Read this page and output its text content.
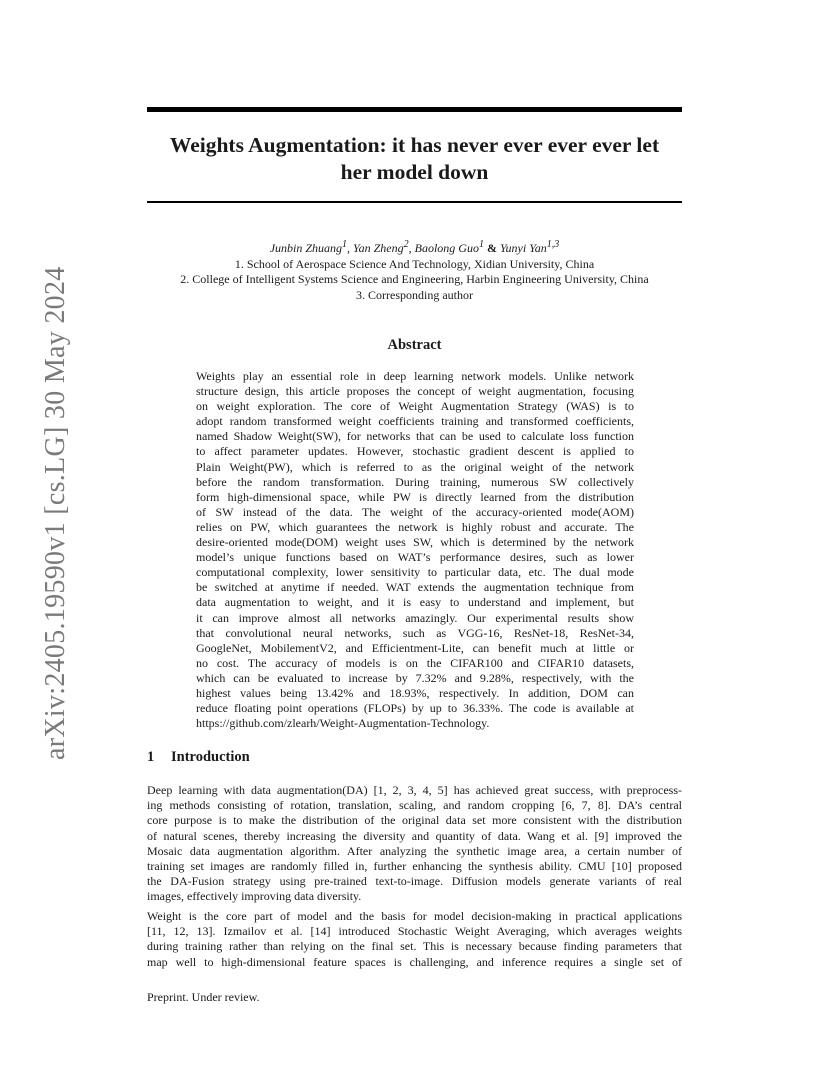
arXiv:2405.19590v1 [cs.LG] 30 May 2024
Weights Augmentation: it has never ever ever ever let
her model down
Junbin Zhuang$^1$, Yan Zheng$^2$, Baolong Guo$^1$ & Yunyi Yan$^{1,3}$
1. School of Aerospace Science And Technology, Xidian University, China
2. College of Intelligent Systems Science and Engineering, Harbin Engineering University, China
3. Corresponding author
Abstract
Weights play an essential role in deep learning network models. Unlike network
structure design, this article proposes the concept of weight augmentation, focusing
on weight exploration. The core of Weight Augmentation Strategy (WAS) is to
adopt random transformed weight coefficients training and transformed coefficients,
named Shadow Weight(SW), for networks that can be used to calculate loss function
to affect parameter updates. However, stochastic gradient descent is applied to
Plain Weight(PW), which is referred to as the original weight of the network
before the random transformation. During training, numerous SW collectively
form high-dimensional space, while PW is directly learned from the distribution
of SW instead of the data. The weight of the accuracy-oriented mode(AOM)
relies on PW, which guarantees the network is highly robust and accurate. The
desire-oriented mode(DOM) weight uses SW, which is determined by the network
model’s unique functions based on WAT’s performance desires, such as lower
computational complexity, lower sensitivity to particular data, etc. The dual mode
be switched at anytime if needed. WAT extends the augmentation technique from
data augmentation to weight, and it is easy to understand and implement, but
it can improve almost all networks amazingly. Our experimental results show
that convolutional neural networks, such as VGG-16, ResNet-18, ResNet-34,
GoogleNet, MobilementV2, and Efficientment-Lite, can benefit much at little or
no cost. The accuracy of models is on the CIFAR100 and CIFAR10 datasets,
which can be evaluated to increase by 7.32% and 9.28%, respectively, with the
highest values being 13.42% and 18.93%, respectively. In addition, DOM can
reduce floating point operations (FLOPs) by up to 36.33%. The code is available at
https://github.com/zlearh/Weight-Augmentation-Technology.
1 Introduction
Deep learning with data augmentation(DA) [1, 2, 3, 4, 5] has achieved great success, with preprocess-
ing methods consisting of rotation, translation, scaling, and random cropping [6, 7, 8]. DA’s central
core purpose is to make the distribution of the original data set more consistent with the distribution
of natural scenes, thereby increasing the diversity and quantity of data. Wang et al. [9] improved the
Mosaic data augmentation algorithm. After analyzing the synthetic image area, a certain number of
training set images are randomly filled in, further enhancing the synthesis ability. CMU [10] proposed
the DA-Fusion strategy using pre-trained text-to-image. Diffusion models generate variants of real
images, effectively improving data diversity.
Weight is the core part of model and the basis for model decision-making in practical applications
[11, 12, 13]. Izmailov et al. [14] introduced Stochastic Weight Averaging, which averages weights
during training rather than relying on the final set. This is necessary because finding parameters that
map well to high-dimensional feature spaces is challenging, and inference requires a single set of
Preprint. Under review.
